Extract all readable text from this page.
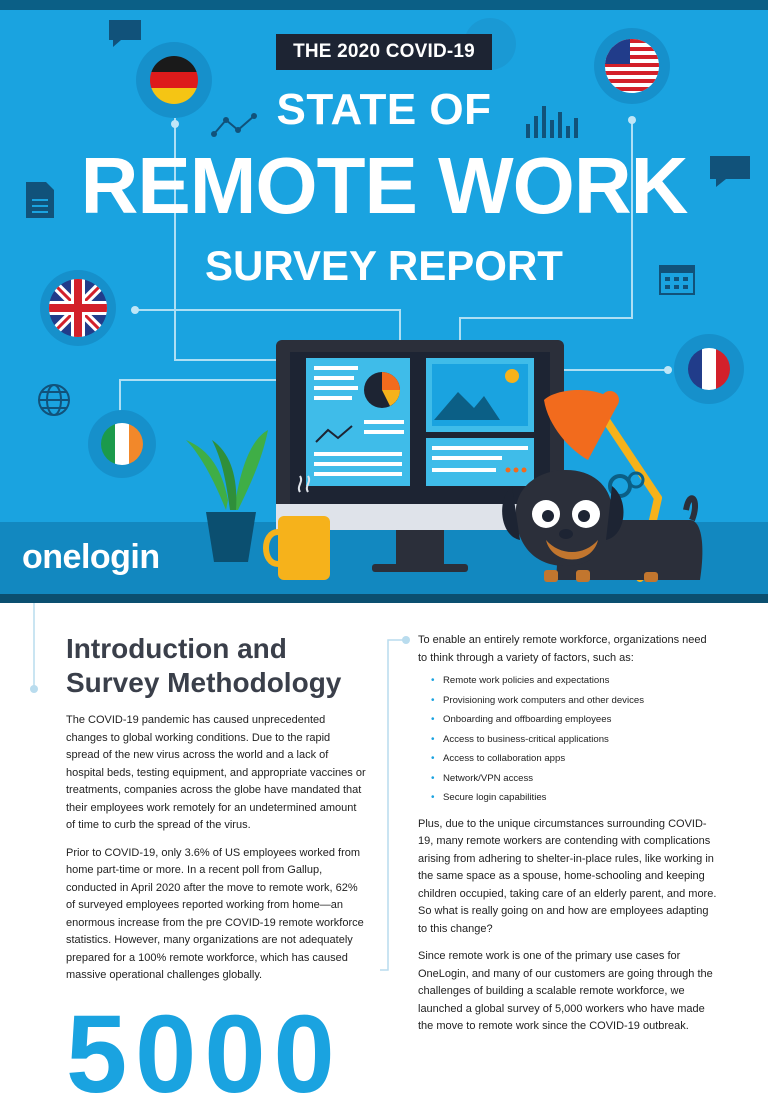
THE 2020 COVID-19
STATE OF
REMOTE WORK
SURVEY REPORT
onelogin
Introduction and Survey Methodology

The COVID-19 pandemic has caused unprecedented changes to global working conditions. Due to the rapid spread of the new virus across the world and a lack of hospital beds, testing equipment, and appropriate vaccines or treatments, companies across the globe have mandated that their employees work remotely for an undetermined amount of time to curb the spread of the virus.

Prior to COVID-19, only 3.6% of US employees worked from home part-time or more. In a recent poll from Gallup, conducted in April 2020 after the move to remote work, 62% of surveyed employees reported working from home—an enormous increase from the pre COVID-19 remote workforce statistics. However, many organizations are not adequately prepared for a 100% remote workforce, which has caused massive operational challenges globally.

To enable an entirely remote workforce, organizations need to think through a variety of factors, such as:

• Remote work policies and expectations
• Provisioning work computers and other devices
• Onboarding and offboarding employees
• Access to business-critical applications
• Access to collaboration apps
• Network/VPN access
• Secure login capabilities

Plus, due to the unique circumstances surrounding COVID-19, many remote workers are contending with complications arising from adhering to shelter-in-place rules, like working in the same space as a spouse, home-schooling and keeping children occupied, taking care of an elderly parent, and more. So what is really going on and how are employees adapting to this change?

Since remote work is one of the primary use cases for OneLogin, and many of our customers are going through the challenges of building a scalable remote workforce, we launched a global survey of 5,000 workers who have made the move to remote work since the COVID-19 outbreak.

5000
